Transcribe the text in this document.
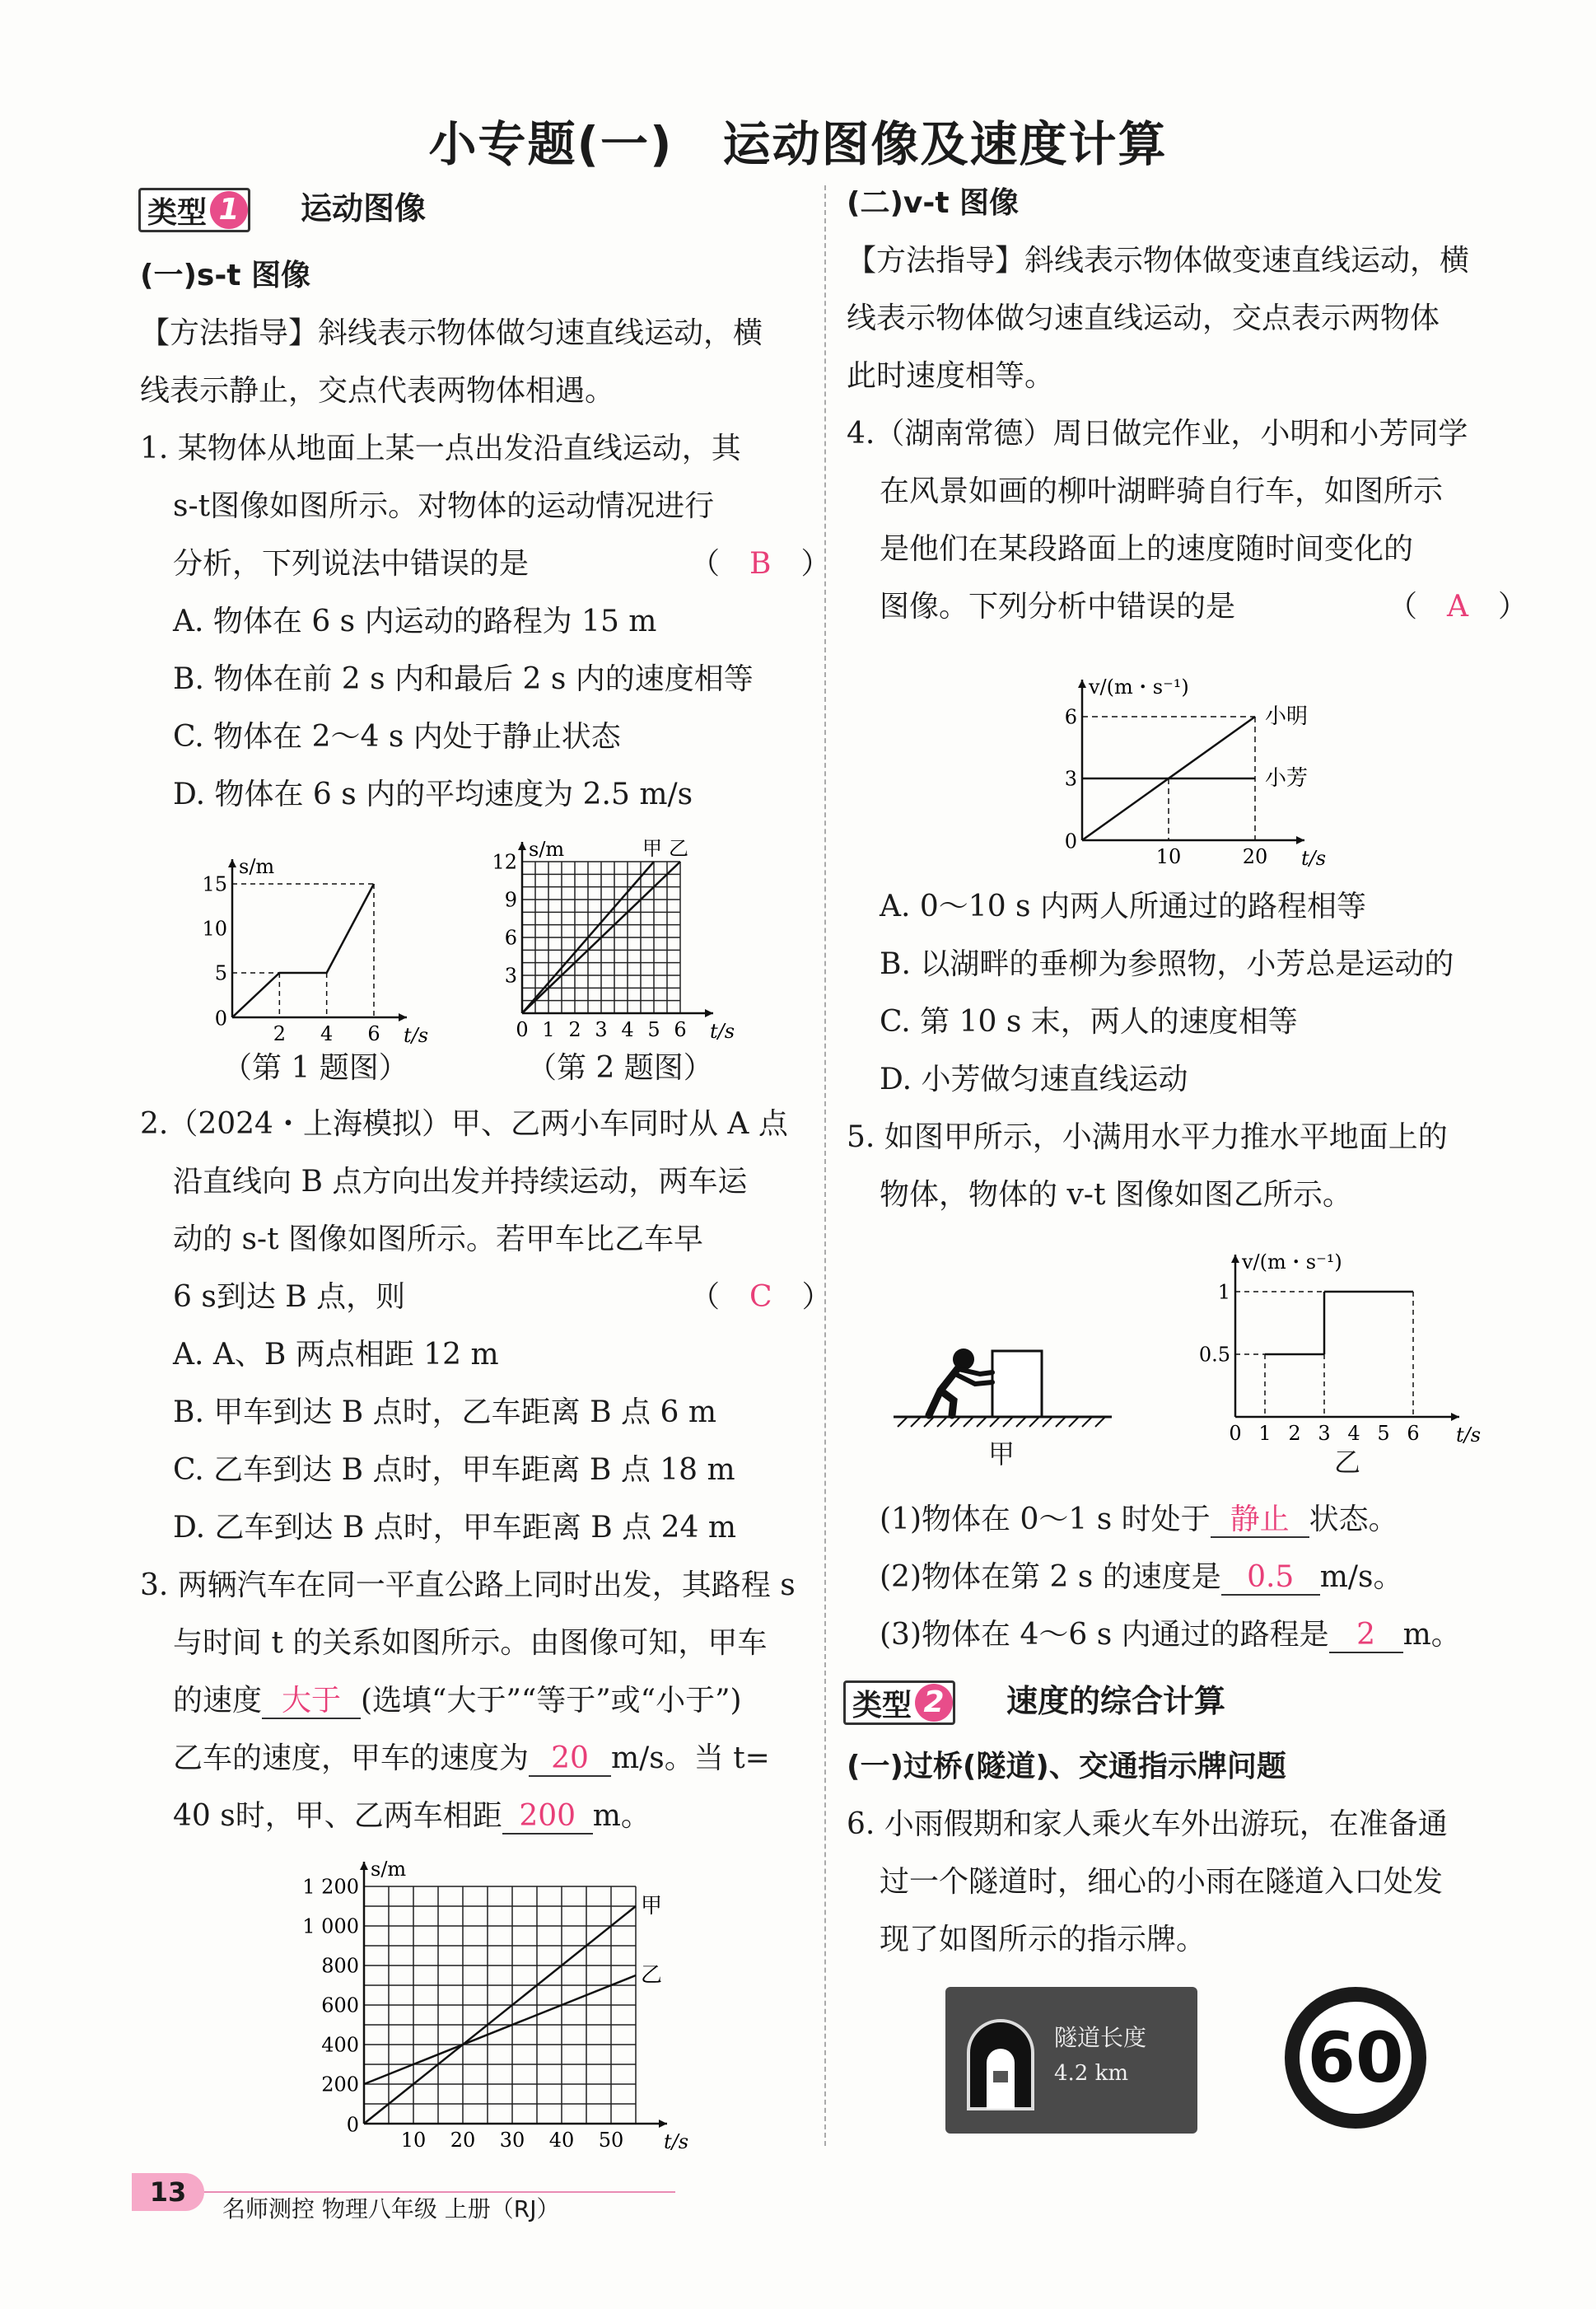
小专题(一)　运动图像及速度计算
类型 1 运动图像
(一)s-t 图像
【方法指导】斜线表示物体做匀速直线运动，横
线表示静止，交点代表两物体相遇。
1. 某物体从地面上某一点出发沿直线运动，其
s-t图像如图所示。对物体的运动情况进行
分析，下列说法中错误的是	（　B　）
A. 物体在 6 s 内运动的路程为 15 m
B. 物体在前 2 s 内和最后 2 s 内的速度相等
C. 物体在 2～4 s 内处于静止状态
D. 物体在 6 s 内的平均速度为 2.5 m/s
2 4 6
5
10
15
0
t/s
s/m
0 1 2 3 4 5 6
3
6
9
12
t/s
s/m	甲 乙
（第 1 题图）	（第 2 题图）
2.（2024・上海模拟）甲、乙两小车同时从 A 点
沿直线向 B 点方向出发并持续运动，两车运
动的 s-t 图像如图所示。若甲车比乙车早
6 s到达 B 点，则	（　C　）
A. A、B 两点相距 12 m
B. 甲车到达 B 点时，乙车距离 B 点 6 m
C. 乙车到达 B 点时，甲车距离 B 点 18 m
D. 乙车到达 B 点时，甲车距离 B 点 24 m
3. 两辆汽车在同一平直公路上同时出发，其路程 s
与时间 t 的关系如图所示。由图像可知，甲车
的速度 大于 (选填“大于”“等于”或“小于”)
乙车的速度，甲车的速度为 20 m/s。当 t=
40 s时，甲、乙两车相距 200 m。
10 20 30 40 50
200
400
600
800
1 000
1 200
0
t/s
s/m
甲
乙
(二)v-t 图像
【方法指导】斜线表示物体做变速直线运动，横
线表示物体做匀速直线运动，交点表示两物体
此时速度相等。
4.（湖南常德）周日做完作业，小明和小芳同学
在风景如画的柳叶湖畔骑自行车，如图所示
是他们在某段路面上的速度随时间变化的
图像。下列分析中错误的是	（　A　）
10	20
3
6
0
t/s
v/(m・s⁻¹)
小明
小芳
A. 0～10 s 内两人所通过的路程相等
B. 以湖畔的垂柳为参照物，小芳总是运动的
C. 第 10 s 末，两人的速度相等
D. 小芳做匀速直线运动
5. 如图甲所示，小满用水平力推水平地面上的
物体，物体的 v-t 图像如图乙所示。
甲
0 1 2 3 4 5 6
0.5
1
t/s
v/(m・s⁻¹)
乙
(1)物体在 0～1 s 时处于 静止 状态。
(2)物体在第 2 s 的速度是 0.5 m/s。
(3)物体在 4～6 s 内通过的路程是 2 m。
类型 2 速度的综合计算
(一)过桥(隧道)、交通指示牌问题
6. 小雨假期和家人乘火车外出游玩，在准备通
过一个隧道时，细心的小雨在隧道入口处发
现了如图所示的指示牌。
隧道长度
4.2 km	60
13
名师测控 物理八年级 上册（RJ）
